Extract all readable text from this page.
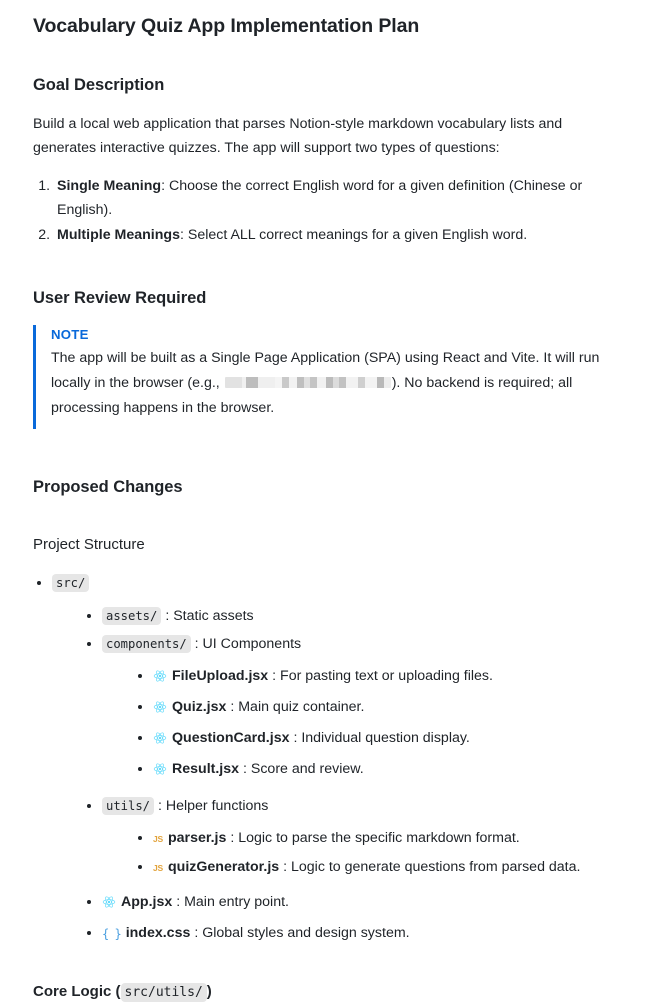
Vocabulary Quiz App Implementation Plan
Goal Description

Build a local web application that parses Notion-style markdown vocabulary lists and generates interactive quizzes. The app will support two types of questions:

1. Single Meaning: Choose the correct English word for a given definition (Chinese or English).
2. Multiple Meanings: Select ALL correct meanings for a given English word.
User Review Required
NOTE
The app will be built as a Single Page Application (SPA) using React and Vite. It will run locally in the browser (e.g.,	). No backend is required; all processing happens in the browser.
Proposed Changes
Project Structure
src/
assets/ : Static assets
components/ : UI Components
FileUpload.jsx : For pasting text or uploading files.
Quiz.jsx : Main quiz container.
QuestionCard.jsx : Individual question display.
Result.jsx : Score and review.
utils/ : Helper functions
JS parser.js : Logic to parse the specific markdown format.
JS quizGenerator.js : Logic to generate questions from parsed data.
App.jsx : Main entry point.
{ } index.css : Global styles and design system.
Core Logic ( src/utils/ )
